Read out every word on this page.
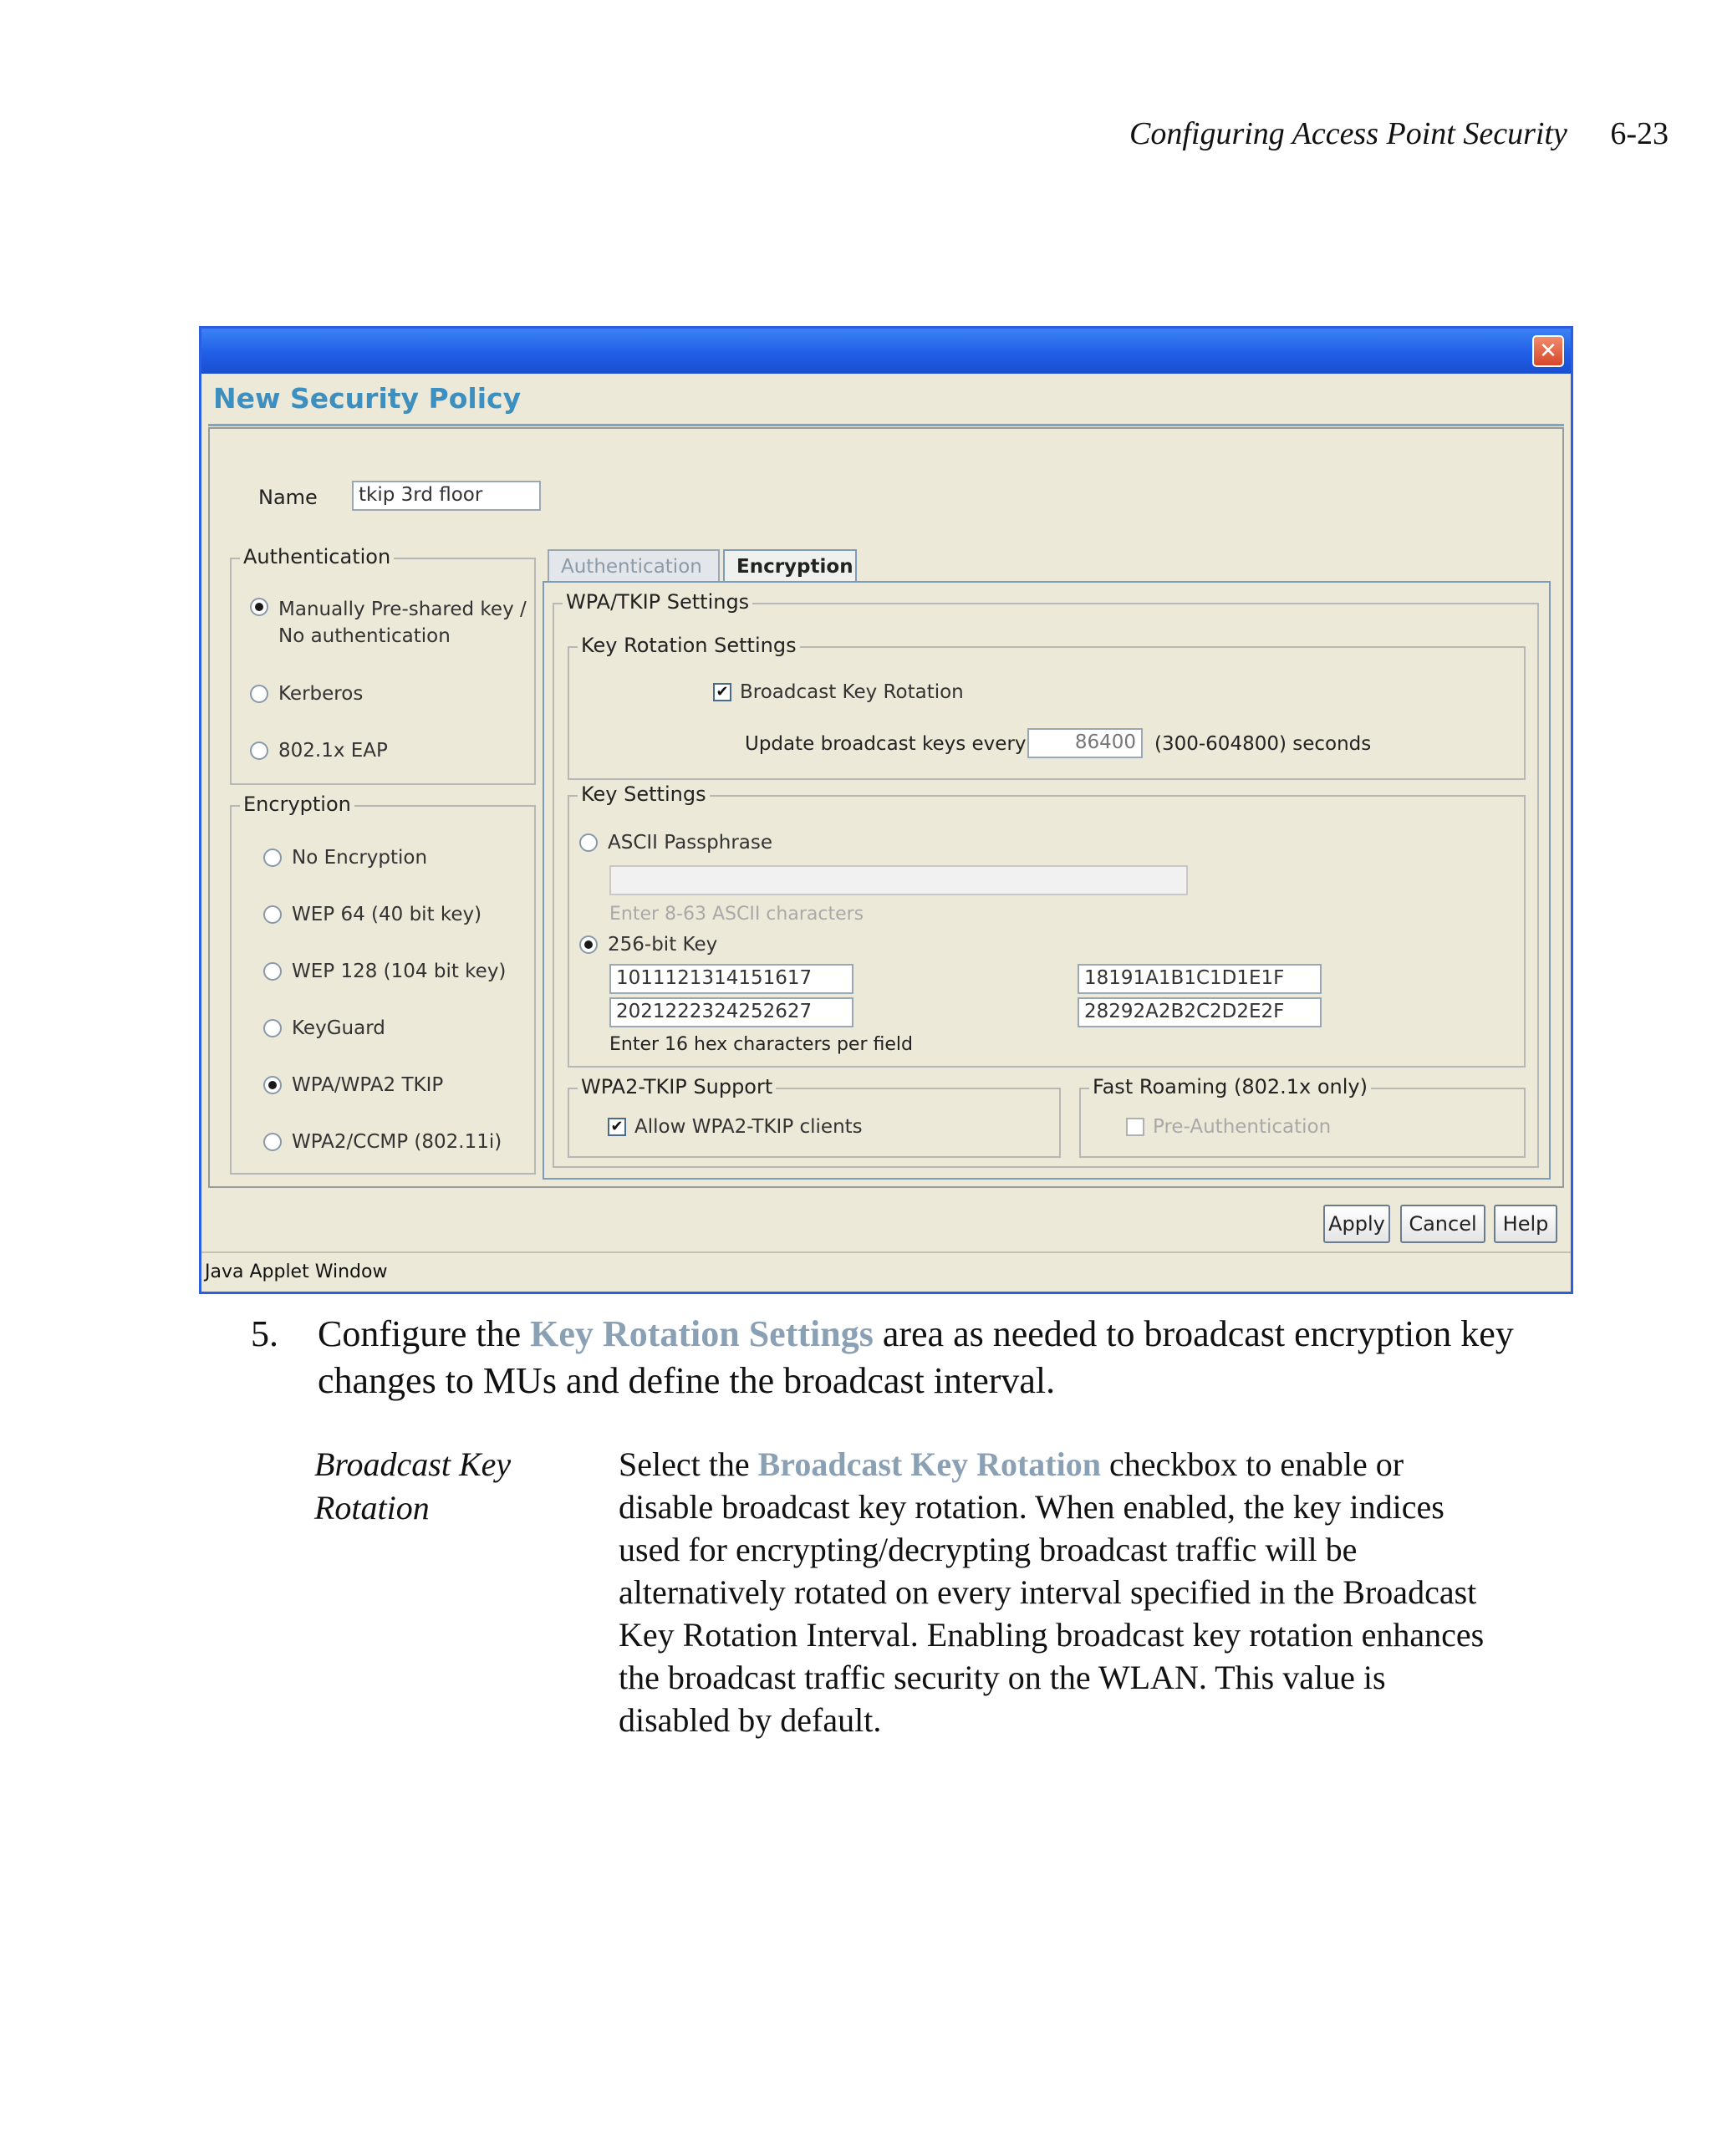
Configuring Access Point Security 6-23
✕
New Security Policy
Name	tkip 3rd floor
Authentication
Manually Pre-shared key /
No authentication
Kerberos
802.1x EAP
Encryption
No Encryption
WEP 64 (40 bit key)
WEP 128 (104 bit key)
KeyGuard
WPA/WPA2 TKIP
WPA2/CCMP (802.11i)
Authentication	Encryption
WPA/TKIP Settings
Key Rotation Settings
✔ Broadcast Key Rotation
Update broadcast keys every	86400 (300-604800) seconds
Key Settings
ASCII Passphrase
Enter 8-63 ASCII characters
256-bit Key
1011121314151617	18191A1B1C1D1E1F
2021222324252627	28292A2B2C2D2E2F
Enter 16 hex characters per field
WPA2-TKIP Support
✔ Allow WPA2-TKIP clients
Fast Roaming (802.1x only)
Pre-Authentication
Apply	Cancel	Help
Java Applet Window
5. Configure the Key Rotation Settings area as needed to broadcast encryption key changes to MUs and define the broadcast interval.
Broadcast Key
Rotation
Select the Broadcast Key Rotation checkbox to enable or disable broadcast key rotation. When enabled, the key indices used for encrypting/decrypting broadcast traffic will be alternatively rotated on every interval specified in the Broadcast Key Rotation Interval. Enabling broadcast key rotation enhances the broadcast traffic security on the WLAN. This value is disabled by default.
